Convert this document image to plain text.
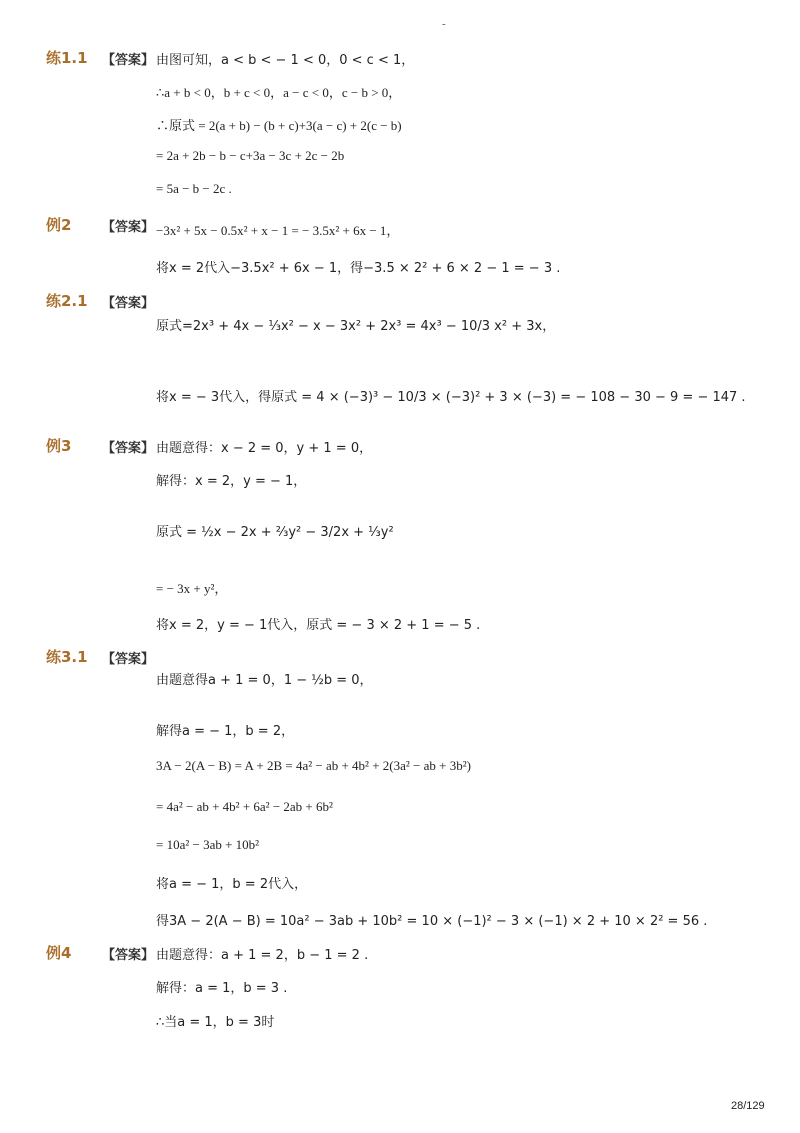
-
练1.1 【答案】 由图可知，a < b < − 1 < 0，0 < c < 1，
∴a + b < 0，b + c < 0，a − c < 0，c − b > 0，
∴原式 = 2(a + b) − (b + c)+3(a − c) + 2(c − b)
= 2a + 2b − b − c+3a − 3c + 2c − 2b
= 5a − b − 2c .
例2 【答案】 −3x² + 5x − 0.5x² + x − 1 = − 3.5x² + 6x − 1，
将x = 2代入−3.5x² + 6x − 1，得−3.5 × 2² + 6 × 2 − 1 = − 3 .
练2.1 【答案】
原式=2x³ + 4x − ⅓x² − x − 3x² + 2x³ = 4x³ − 10/3 x² + 3x，
将x = − 3代入，得原式 = 4 × (−3)³ − 10/3 × (−3)² + 3 × (−3) = − 108 − 30 − 9 = − 147 .
例3 【答案】 由题意得：x − 2 = 0，y + 1 = 0，
解得：x = 2，y = − 1，
原式 = ½x − 2x + ⅔y² − 3/2x + ⅓y²
= − 3x + y²，
将x = 2，y = − 1代入，原式 = − 3 × 2 + 1 = − 5 .
练3.1 【答案】
由题意得a + 1 = 0，1 − ½b = 0，
解得a = − 1，b = 2，
3A − 2(A − B) = A + 2B = 4a² − ab + 4b² + 2(3a² − ab + 3b²)
= 4a² − ab + 4b² + 6a² − 2ab + 6b²
= 10a² − 3ab + 10b²
将a = − 1，b = 2代入，
得3A − 2(A − B) = 10a² − 3ab + 10b² = 10 × (−1)² − 3 × (−1) × 2 + 10 × 2² = 56 .
例4 【答案】 由题意得：a + 1 = 2，b − 1 = 2 .
解得：a = 1，b = 3 .
∴当a = 1，b = 3时
28/129
